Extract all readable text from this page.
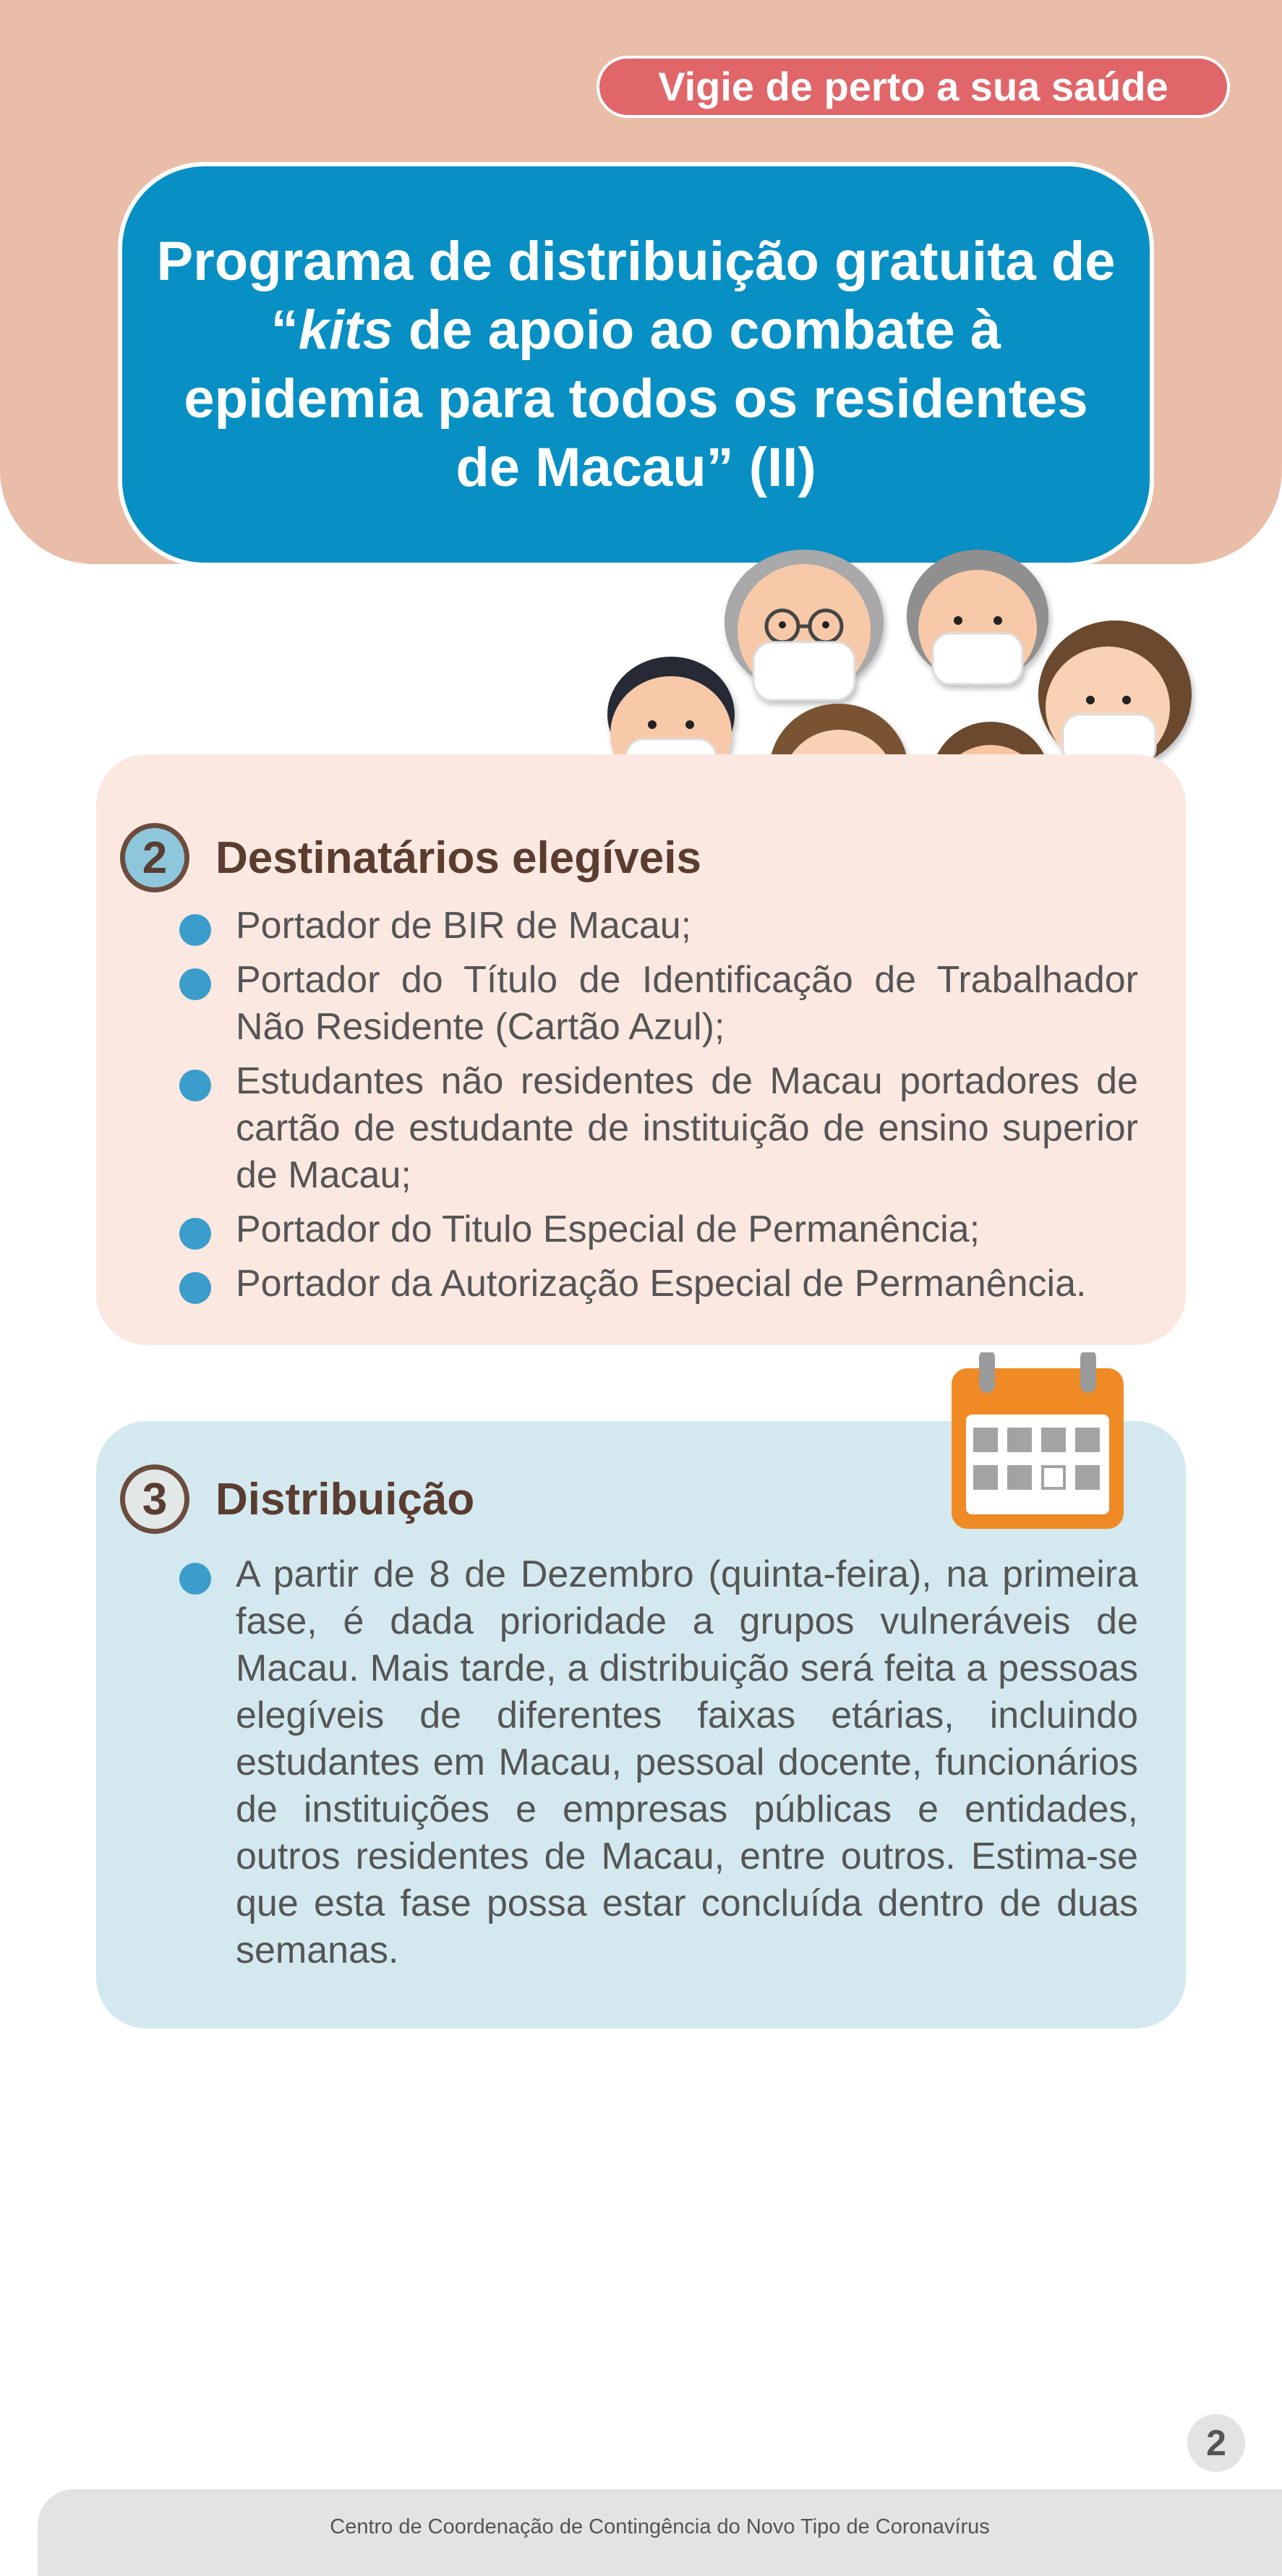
Vigie de perto a sua saúde

Programa de distribuição gratuita de “kits de apoio ao combate à epidemia para todos os residentes de Macau” (II)

2	Destinatários elegíveis
Portador de BIR de Macau;
Portador do Título de Identificação de Trabalhador Não Residente (Cartão Azul);
Estudantes não residentes de Macau portadores de cartão de estudante de instituição de ensino superior de Macau;
Portador do Titulo Especial de Permanência;
Portador da Autorização Especial de Permanência.
3	Distribuição
A partir de 8 de Dezembro (quinta-feira), na primeira fase, é dada prioridade a grupos vulneráveis de Macau. Mais tarde, a distribuição será feita a pessoas elegíveis de diferentes faixas etárias, incluindo estudantes em Macau, pessoal docente, funcionários de instituições e empresas públicas e entidades, outros residentes de Macau, entre outros. Estima-se que esta fase possa estar concluída dentro de duas semanas.
2
Centro de Coordenação de Contingência do Novo Tipo de Coronavírus
